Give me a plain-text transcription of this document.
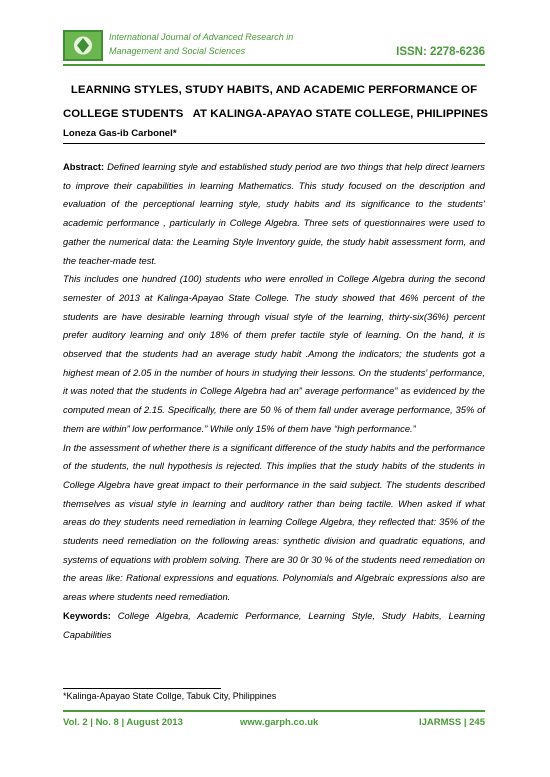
International Journal of Advanced Research in
Management and Social Sciences	ISSN: 2278-6236
LEARNING STYLES, STUDY HABITS, AND ACADEMIC PERFORMANCE OF
COLLEGE STUDENTS   AT KALINGA-APAYAO STATE COLLEGE, PHILIPPINES
Loneza Gas-ib Carbonel*

Abstract: Defined learning style and established study period are two things that help direct learners to improve their capabilities in learning Mathematics. This study focused on the description and evaluation of the perceptional learning style, study habits and its significance to the students’ academic performance , particularly in College Algebra. Three sets of questionnaires were used to gather the numerical data: the Learning Style Inventory guide, the study habit assessment form, and the teacher-made test.

This includes one hundred (100) students who were enrolled in College Algebra during the second semester of 2013 at Kalinga-Apayao State College. The study showed that 46% percent of the students are have desirable learning through visual style of the learning, thirty-six(36%) percent prefer auditory learning and only 18% of them prefer tactile style of learning. On the hand, it is observed that the students had an average study habit .Among the indicators; the students got a highest mean of 2.05 in the number of hours in studying their lessons. On the students’ performance, it was noted that the students in College Algebra had an” average performance” as evidenced by the computed mean of 2.15. Specifically, there are 50 % of them fall under average performance, 35% of them are within” low performance.” While only 15% of them have “high performance.”

In the assessment of whether there is a significant difference of the study habits and the performance of the students, the null hypothesis is rejected. This implies that the study habits of the students in College Algebra have great impact to their performance in the said subject. The students described themselves as visual style in learning and auditory rather than being tactile. When asked if what areas do they students need remediation in learning College Algebra, they reflected that: 35% of the students need remediation on the following areas: synthetic division and quadratic equations, and systems of equations with problem solving. There are 30 0r 30 % of the students need remediation on the areas like: Rational expressions and equations. Polynomials and Algebraic expressions also are areas where students need remediation.

Keywords: College Algebra, Academic Performance, Learning Style, Study Habits, Learning Capabilities

*Kalinga-Apayao State Collge, Tabuk City, Philippines
Vol. 2 | No. 8 | August 2013	www.garph.co.uk	IJARMSS | 245
